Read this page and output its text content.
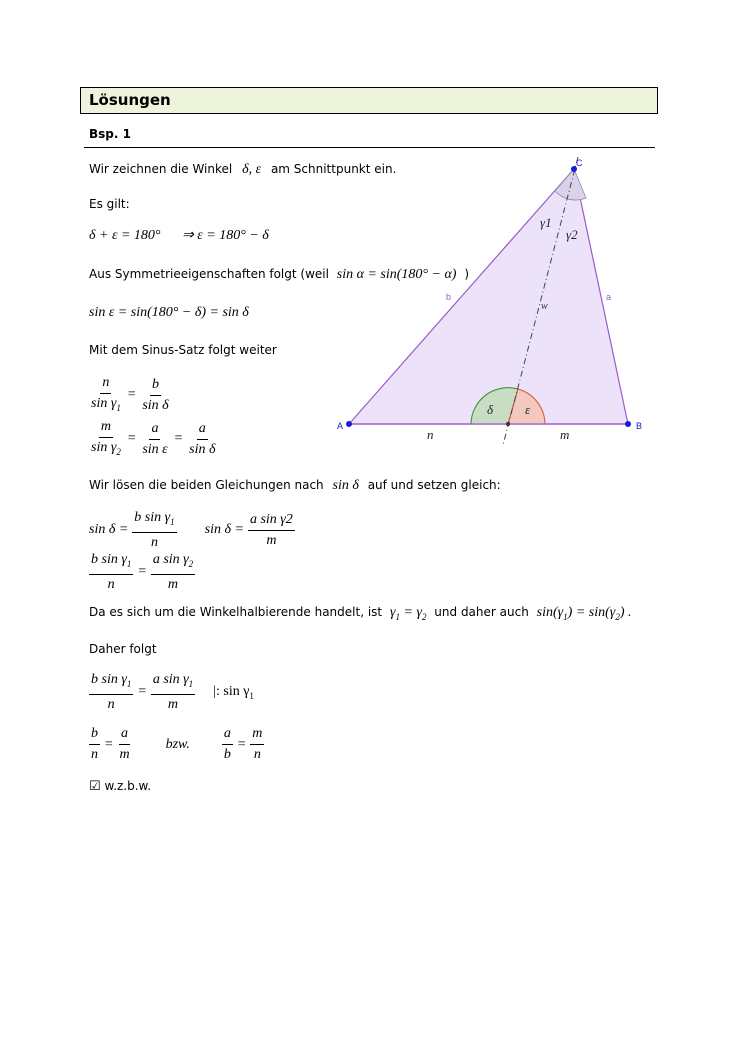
Lösungen
Bsp. 1
Wir zeichnen die Winkel δ, ε am Schnittpunkt ein.
Es gilt:
δ + ε = 180° ⇒ ε = 180° − δ
Aus Symmetrieeigenschaften folgt (weil sin α = sin(180° − α) )
sin ε = sin(180° − δ) = sin δ
Mit dem Sinus-Satz folgt weiter
$\frac{n}{\sin \gamma_1} = \frac{b}{\text{sin δ}}$
$\frac{m}{\sin \gamma_2} = \frac{a}{\text{sin ε}} = \frac{a}{\text{sin δ}}$
Wir lösen die beiden Gleichungen nach sin δ auf und setzen gleich:
$\sin \delta = \frac{b \sin \gamma_1}{n}$ $\sin \delta = \frac{\text{a sin γ2}}{m}$
$\frac{b \sin \gamma_1}{n} = \frac{a \sin \gamma_2}{m}$
Da es sich um die Winkelhalbierende handelt, ist $\gamma_1 = \gamma_2$ und daher auch $\sin(\gamma_1) = \sin(\gamma_2)$ .
Daher folgt
$\frac{b \sin \gamma_1}{n} = \frac{a \sin \gamma_1}{m}$ |: $\sin \gamma_1$
$\frac{b}{n} = \frac{a}{m}$ bzw. $\frac{a}{b} = \frac{m}{n}$
☑ w.z.b.w.
A	B
C
b	a
w
n	m
γ1
γ2
δ ε
